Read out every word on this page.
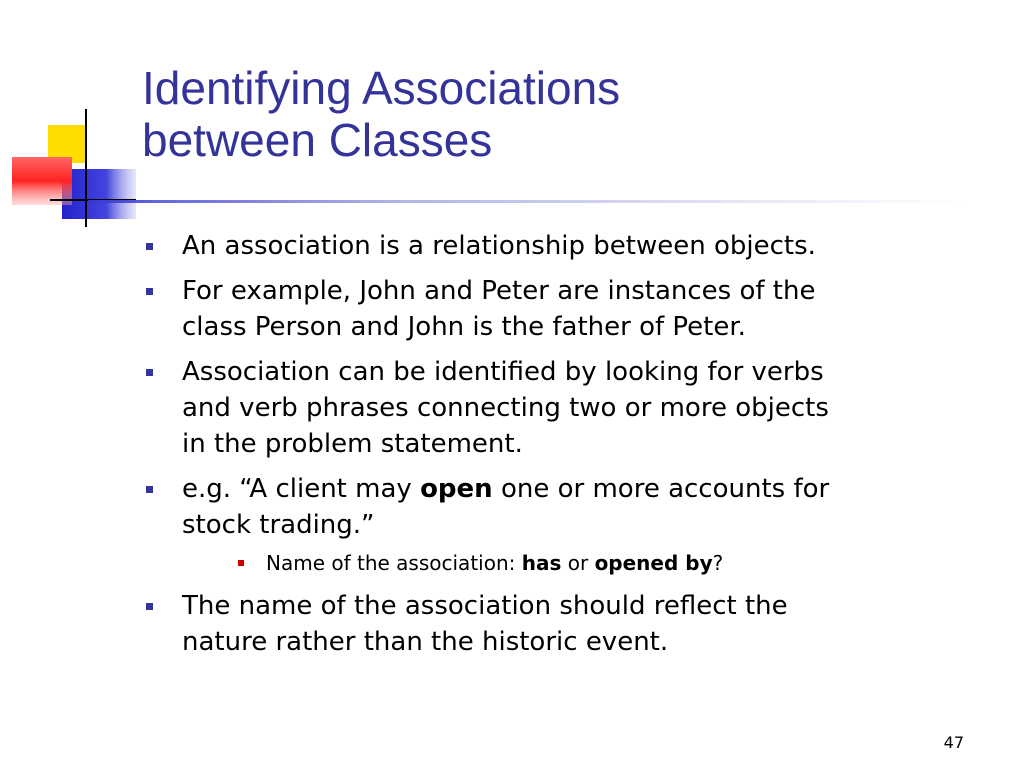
Identifying Associations
between Classes
An association is a relationship between objects.
For example, John and Peter are instances of the
class Person and John is the father of Peter.
Association can be identified by looking for verbs
and verb phrases connecting two or more objects
in the problem statement.
e.g. “A client may open one or more accounts for
stock trading.”
Name of the association: has or opened by?
The name of the association should reflect the
nature rather than the historic event.
47
